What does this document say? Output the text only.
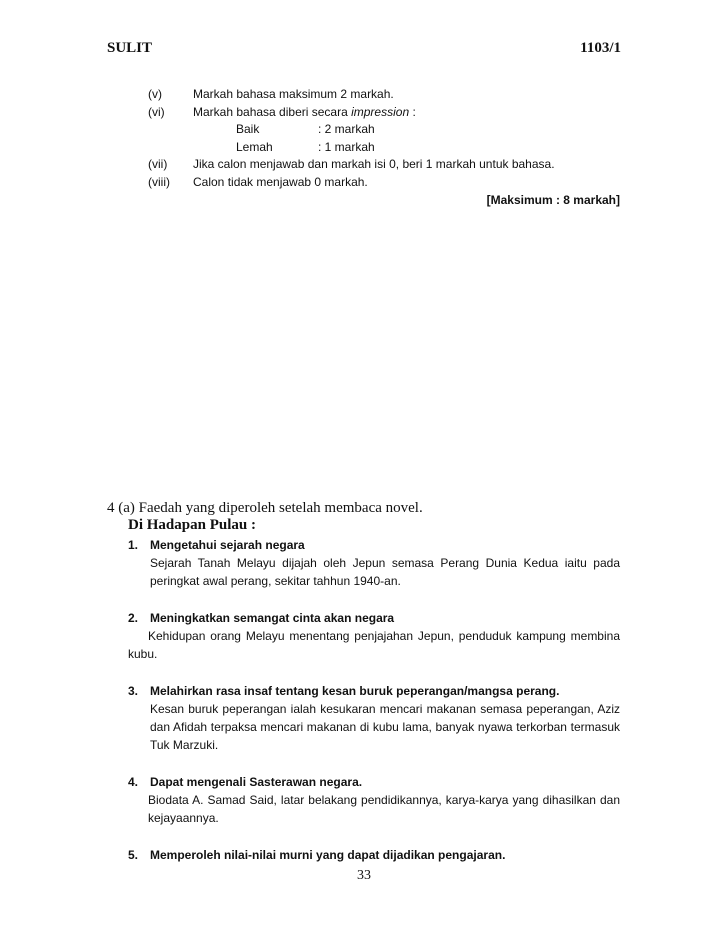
SULIT	1103/1
(v)	Markah bahasa maksimum 2 markah.
(vi)	Markah bahasa diberi secara impression :
Baik	: 2 markah
Lemah	: 1 markah
(vii)	Jika calon menjawab dan markah isi 0, beri 1 markah untuk bahasa.
(viii)	Calon tidak menjawab 0 markah.
[Maksimum : 8 markah]
4 (a) Faedah yang diperoleh setelah membaca novel.
Di Hadapan Pulau :
1. Mengetahui sejarah negara
Sejarah Tanah Melayu dijajah oleh Jepun semasa Perang Dunia Kedua iaitu pada peringkat awal perang, sekitar tahhun 1940-an.
2. Meningkatkan semangat cinta akan negara
Kehidupan orang Melayu menentang penjajahan Jepun, penduduk kampung membina kubu.
3. Melahirkan rasa insaf tentang kesan buruk peperangan/mangsa perang.
Kesan buruk peperangan ialah kesukaran mencari makanan semasa peperangan, Aziz dan Afidah terpaksa mencari makanan di kubu lama, banyak nyawa terkorban termasuk Tuk Marzuki.
4. Dapat mengenali Sasterawan negara.
Biodata A. Samad Said, latar belakang pendidikannya, karya-karya yang dihasilkan dan kejayaannya.
5. Memperoleh nilai-nilai murni yang dapat dijadikan pengajaran.
33
